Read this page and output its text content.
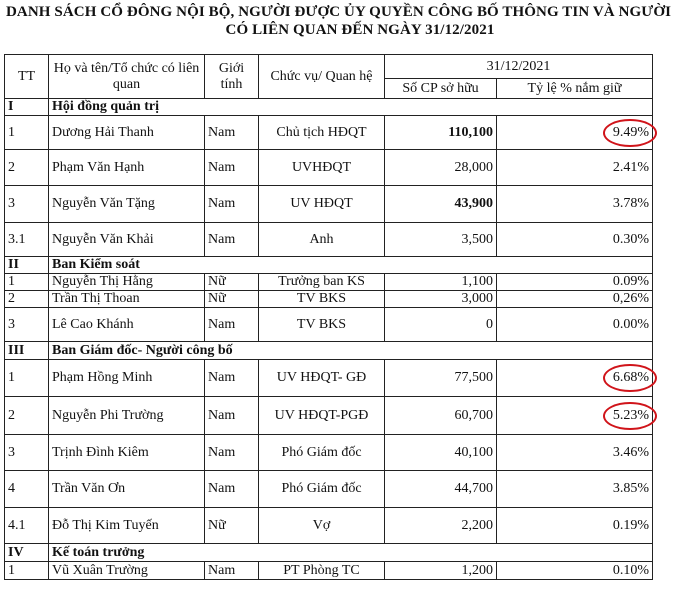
DANH SÁCH CỔ ĐÔNG NỘI BỘ, NGƯỜI ĐƯỢC ỦY QUYỀN CÔNG BỐ THÔNG TIN VÀ NGƯỜI
CÓ LIÊN QUAN ĐẾN NGÀY 31/12/2021
TT	Họ và tên/Tổ chức có liên quan	Giới tính	Chức vụ/ Quan hệ	31/12/2021	
				Số CP sở hữu	Tỷ lệ % nắm giữ
I	Hội đồng quản trị				
1	Dương Hải Thanh	Nam	Chủ tịch HĐQT	110,100	9.49%
2	Phạm Văn Hạnh	Nam	UVHĐQT	28,000	2.41%
3	Nguyễn Văn Tặng	Nam	UV HĐQT	43,900	3.78%
3.1	Nguyễn Văn Khải	Nam	Anh	3,500	0.30%
II	Ban Kiểm soát				
1	Nguyễn Thị Hằng	Nữ	Trưởng ban KS	1,100	0.09%
2	Trần Thị Thoan	Nữ	TV BKS	3,000	0,26%
3	Lê Cao Khánh	Nam	TV BKS	0	0.00%
III	Ban Giám đốc- Người công bố				
1	Phạm Hồng Minh	Nam	UV HĐQT- GĐ	77,500	6.68%
2	Nguyễn Phi Trường	Nam	UV HĐQT-PGĐ	60,700	5.23%
3	Trịnh Đình Kiêm	Nam	Phó Giám đốc	40,100	3.46%
4	Trần Văn Ơn	Nam	Phó Giám đốc	44,700	3.85%
4.1	Đỗ Thị Kim Tuyến	Nữ	Vợ	2,200	0.19%
IV	Kế toán trưởng				
1	Vũ Xuân Trường	Nam	PT Phòng TC	1,200	0.10%
